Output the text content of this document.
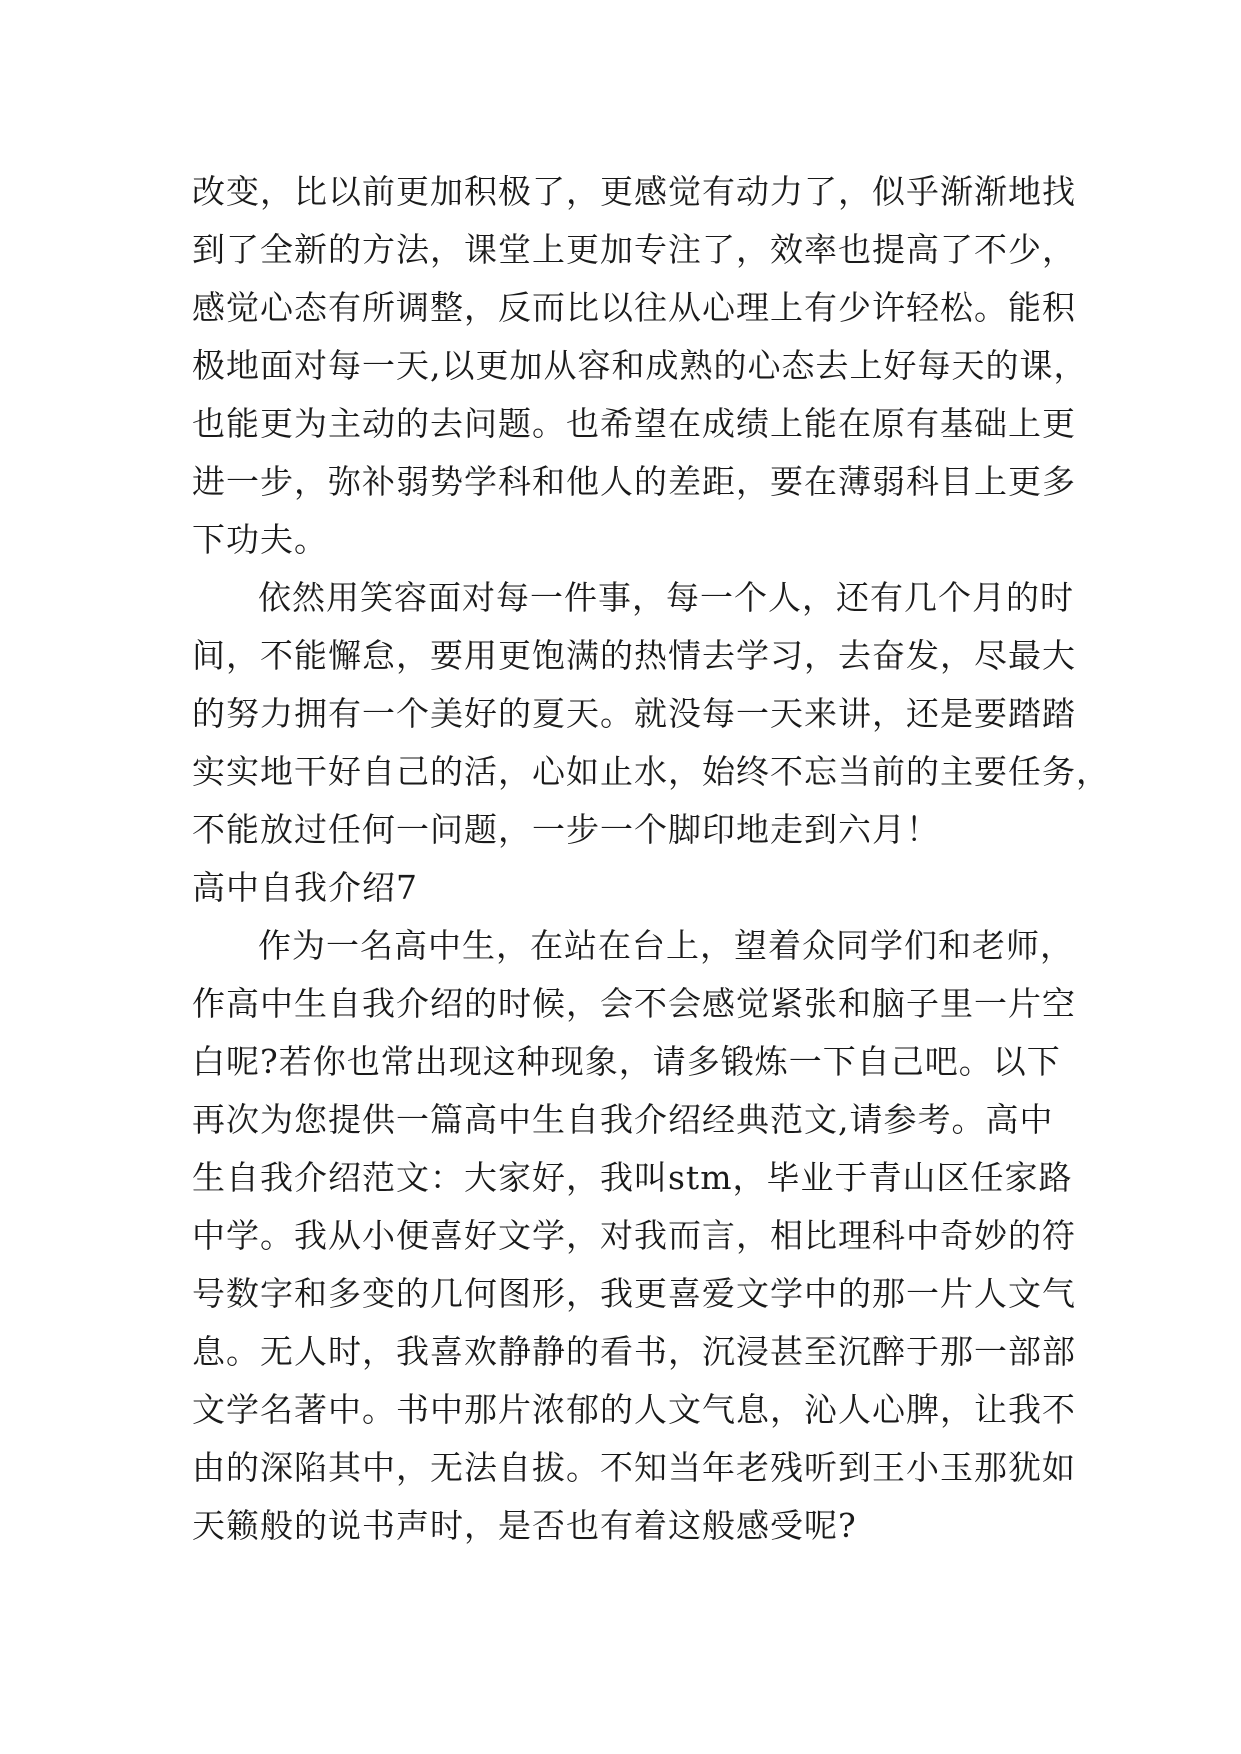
改变，比以前更加积极了，更感觉有动力了，似乎渐渐地找
到了全新的方法，课堂上更加专注了，效率也提高了不少，
感觉心态有所调整，反而比以往从心理上有少许轻松。能积
极地面对每一天,以更加从容和成熟的心态去上好每天的课，
也能更为主动的去问题。也希望在成绩上能在原有基础上更
进一步，弥补弱势学科和他人的差距，要在薄弱科目上更多
下功夫。
依然用笑容面对每一件事，每一个人，还有几个月的时
间，不能懈怠，要用更饱满的热情去学习，去奋发，尽最大
的努力拥有一个美好的夏天。就没每一天来讲，还是要踏踏
实实地干好自己的活，心如止水，始终不忘当前的主要任务，
不能放过任何一问题，一步一个脚印地走到六月！
高中自我介绍7
作为一名高中生，在站在台上，望着众同学们和老师，
作高中生自我介绍的时候，会不会感觉紧张和脑子里一片空
白呢?若你也常出现这种现象，请多锻炼一下自己吧。以下
再次为您提供一篇高中生自我介绍经典范文,请参考。高中
生自我介绍范文：大家好，我叫stm，毕业于青山区任家路
中学。我从小便喜好文学，对我而言，相比理科中奇妙的符
号数字和多变的几何图形，我更喜爱文学中的那一片人文气
息。无人时，我喜欢静静的看书，沉浸甚至沉醉于那一部部
文学名著中。书中那片浓郁的人文气息，沁人心脾，让我不
由的深陷其中，无法自拔。不知当年老残听到王小玉那犹如
天籁般的说书声时，是否也有着这般感受呢?
